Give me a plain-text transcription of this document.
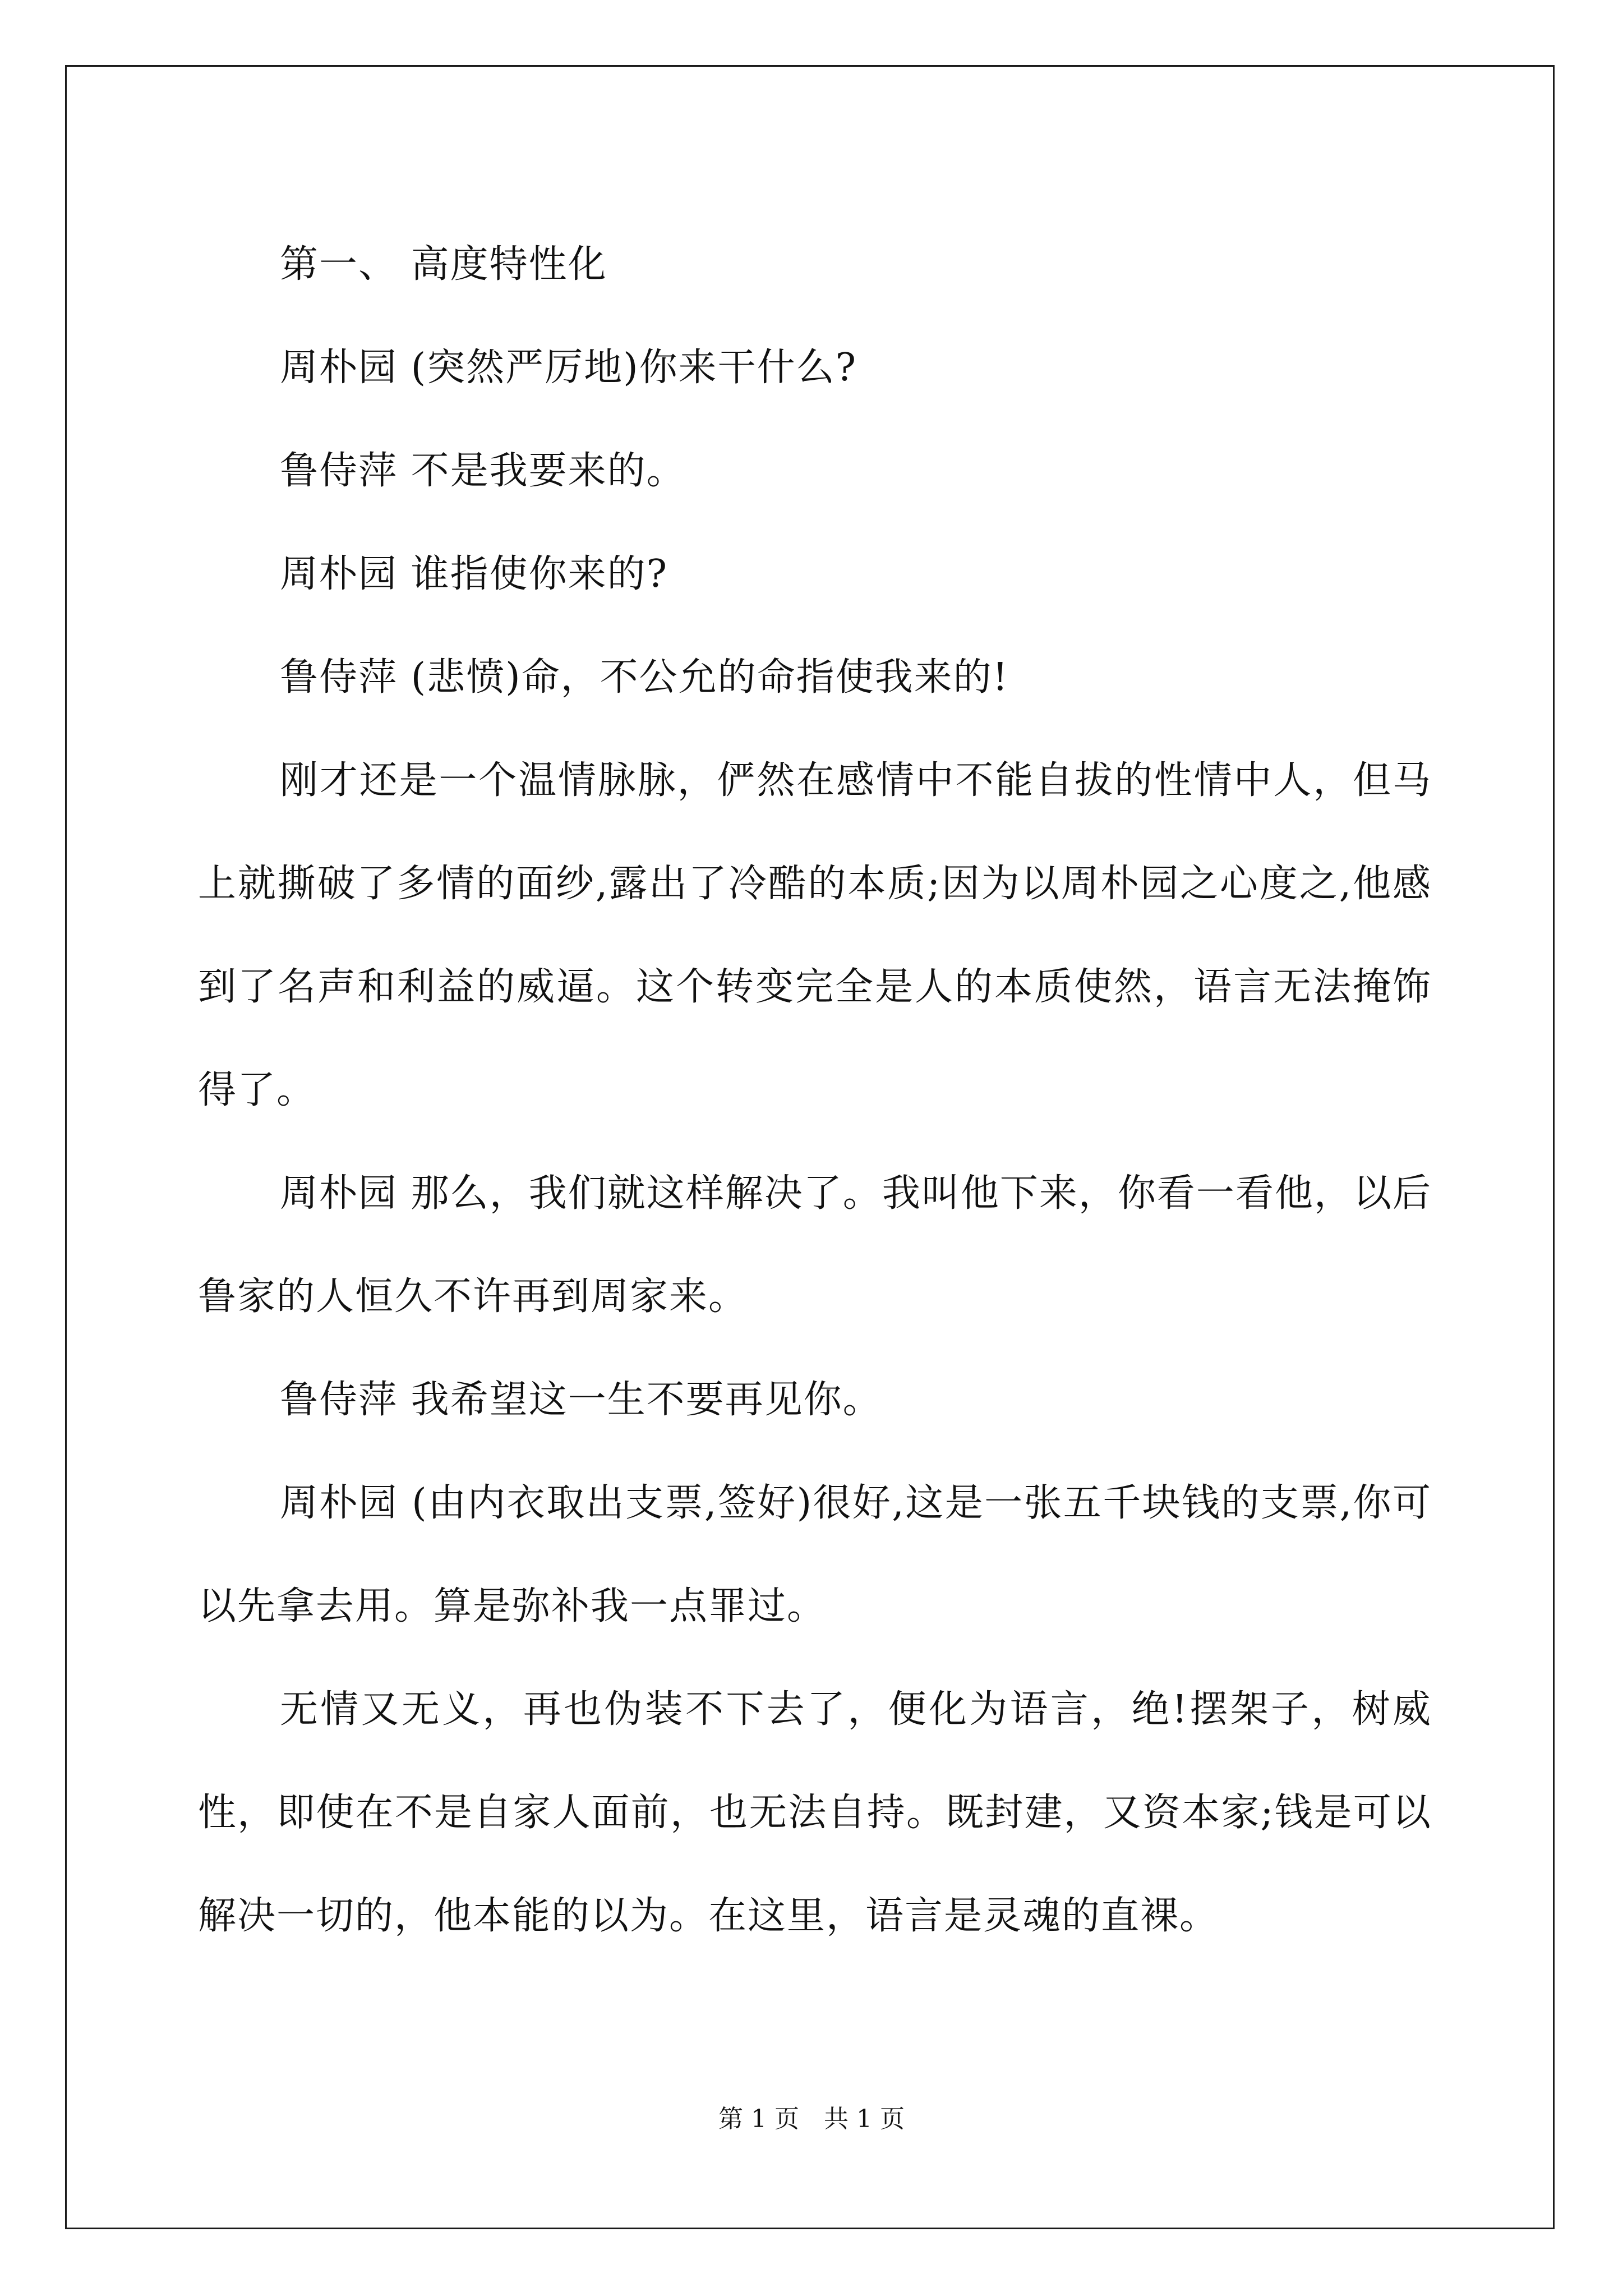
第一、 高度特性化

周朴园 (突然严厉地)你来干什么?

鲁侍萍 不是我要来的。

周朴园 谁指使你来的?

鲁侍萍 (悲愤)命，不公允的命指使我来的!

刚才还是一个温情脉脉，俨然在感情中不能自拔的性情中人，但马上就撕破了多情的面纱,露出了冷酷的本质;因为以周朴园之心度之,他感到了名声和利益的威逼。这个转变完全是人的本质使然，语言无法掩饰得了。

周朴园 那么，我们就这样解决了。我叫他下来，你看一看他，以后鲁家的人恒久不许再到周家来。

鲁侍萍 我希望这一生不要再见你。

周朴园 (由内衣取出支票,签好)很好,这是一张五千块钱的支票,你可以先拿去用。算是弥补我一点罪过。

无情又无义，再也伪装不下去了，便化为语言，绝!摆架子，树威性，即使在不是自家人面前，也无法自持。既封建，又资本家;钱是可以解决一切的，他本能的以为。在这里，语言是灵魂的直裸。

第 1 页　共 1 页
